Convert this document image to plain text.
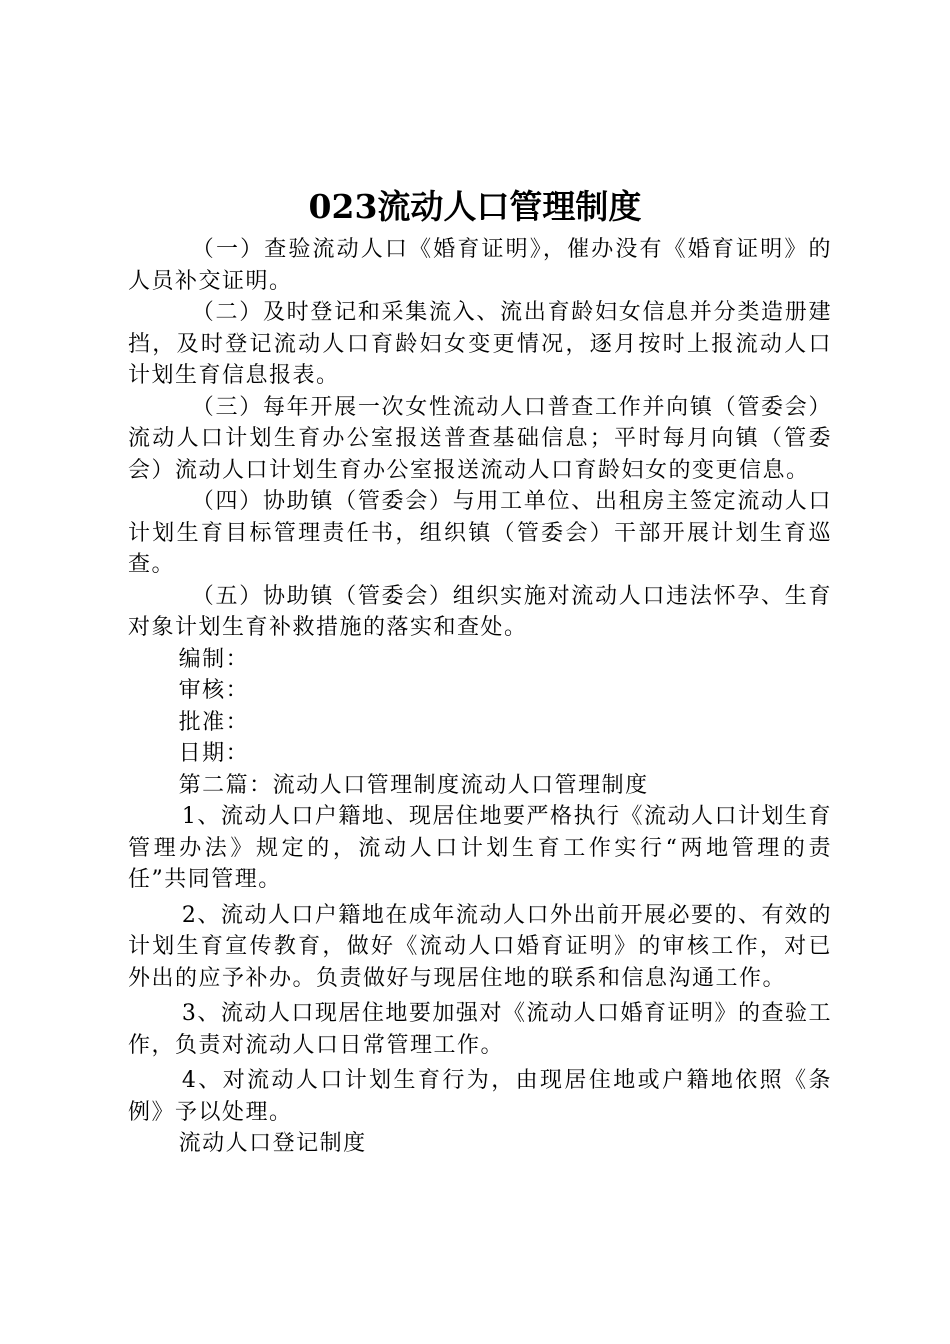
023流动人口管理制度

（一）查验流动人口《婚育证明》，催办没有《婚育证明》的人员补交证明。

（二）及时登记和采集流入、流出育龄妇女信息并分类造册建挡，及时登记流动人口育龄妇女变更情况，逐月按时上报流动人口计划生育信息报表。

（三）每年开展一次女性流动人口普查工作并向镇（管委会）流动人口计划生育办公室报送普查基础信息；平时每月向镇（管委会）流动人口计划生育办公室报送流动人口育龄妇女的变更信息。

（四）协助镇（管委会）与用工单位、出租房主签定流动人口计划生育目标管理责任书，组织镇（管委会）干部开展计划生育巡查。

（五）协助镇（管委会）组织实施对流动人口违法怀孕、生育对象计划生育补救措施的落实和查处。

编制：

审核：

批准：

日期：

第二篇：流动人口管理制度流动人口管理制度

1、流动人口户籍地、现居住地要严格执行《流动人口计划生育管理办法》规定的，流动人口计划生育工作实行“两地管理的责任”共同管理。

2、流动人口户籍地在成年流动人口外出前开展必要的、有效的计划生育宣传教育，做好《流动人口婚育证明》的审核工作，对已外出的应予补办。负责做好与现居住地的联系和信息沟通工作。

3、流动人口现居住地要加强对《流动人口婚育证明》的查验工作，负责对流动人口日常管理工作。

4、对流动人口计划生育行为，由现居住地或户籍地依照《条例》予以处理。

流动人口登记制度
